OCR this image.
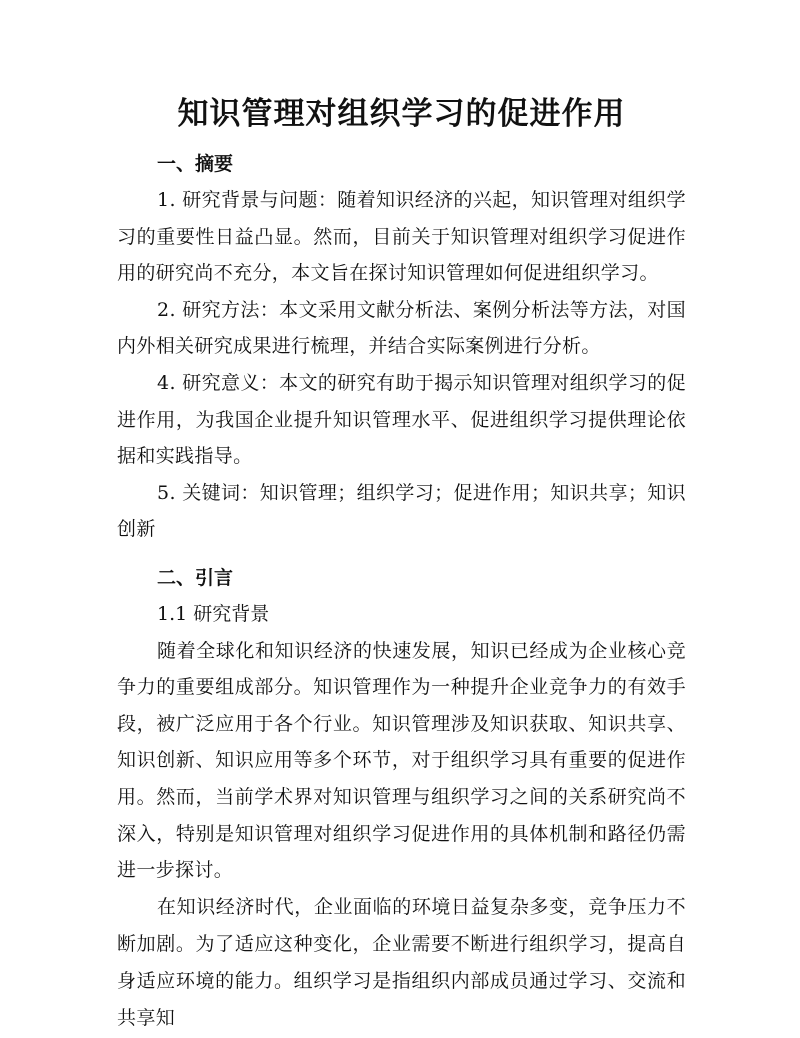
知识管理对组织学习的促进作用
一、摘要

1. 研究背景与问题：随着知识经济的兴起，知识管理对组织学习的重要性日益凸显。然而，目前关于知识管理对组织学习促进作用的研究尚不充分，本文旨在探讨知识管理如何促进组织学习。

2. 研究方法：本文采用文献分析法、案例分析法等方法，对国内外相关研究成果进行梳理，并结合实际案例进行分析。

4. 研究意义：本文的研究有助于揭示知识管理对组织学习的促进作用，为我国企业提升知识管理水平、促进组织学习提供理论依据和实践指导。

5. 关键词：知识管理；组织学习；促进作用；知识共享；知识创新

二、引言
1.1 研究背景

随着全球化和知识经济的快速发展，知识已经成为企业核心竞争力的重要组成部分。知识管理作为一种提升企业竞争力的有效手段，被广泛应用于各个行业。知识管理涉及知识获取、知识共享、知识创新、知识应用等多个环节，对于组织学习具有重要的促进作用。然而，当前学术界对知识管理与组织学习之间的关系研究尚不深入，特别是知识管理对组织学习促进作用的具体机制和路径仍需进一步探讨。

在知识经济时代，企业面临的环境日益复杂多变，竞争压力不断加剧。为了适应这种变化，企业需要不断进行组织学习，提高自身适应环境的能力。组织学习是指组织内部成员通过学习、交流和共享知
